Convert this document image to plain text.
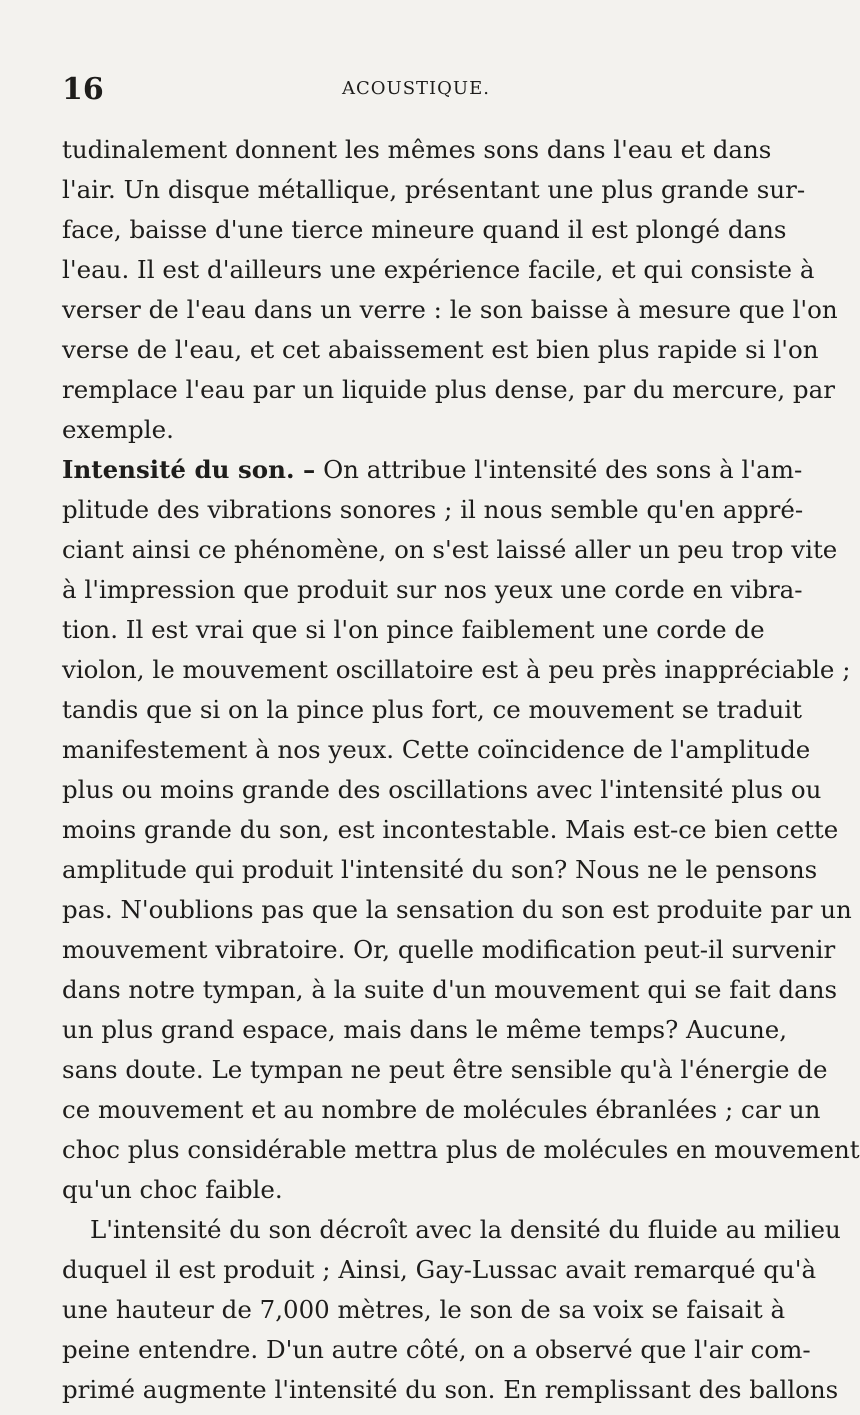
16	ACOUSTIQUE.
tudinalement donnent les mêmes sons dans l'eau et dans
l'air. Un disque métallique, présentant une plus grande sur-
face, baisse d'une tierce mineure quand il est plongé dans
l'eau. Il est d'ailleurs une expérience facile, et qui consiste à
verser de l'eau dans un verre : le son baisse à mesure que l'on
verse de l'eau, et cet abaissement est bien plus rapide si l'on
remplace l'eau par un liquide plus dense, par du mercure, par
exemple.
Intensité du son. – On attribue l'intensité des sons à l'am-
plitude des vibrations sonores ; il nous semble qu'en appré-
ciant ainsi ce phénomène, on s'est laissé aller un peu trop vite
à l'impression que produit sur nos yeux une corde en vibra-
tion. Il est vrai que si l'on pince faiblement une corde de
violon, le mouvement oscillatoire est à peu près inappréciable ;
tandis que si on la pince plus fort, ce mouvement se traduit
manifestement à nos yeux. Cette coïncidence de l'amplitude
plus ou moins grande des oscillations avec l'intensité plus ou
moins grande du son, est incontestable. Mais est-ce bien cette
amplitude qui produit l'intensité du son? Nous ne le pensons
pas. N'oublions pas que la sensation du son est produite par un
mouvement vibratoire. Or, quelle modification peut-il survenir
dans notre tympan, à la suite d'un mouvement qui se fait dans
un plus grand espace, mais dans le même temps? Aucune,
sans doute. Le tympan ne peut être sensible qu'à l'énergie de
ce mouvement et au nombre de molécules ébranlées ; car un
choc plus considérable mettra plus de molécules en mouvement
qu'un choc faible.
L'intensité du son décroît avec la densité du fluide au milieu
duquel il est produit ; Ainsi, Gay-Lussac avait remarqué qu'à
une hauteur de 7,000 mètres, le son de sa voix se faisait à
peine entendre. D'un autre côté, on a observé que l'air com-
primé augmente l'intensité du son. En remplissant des ballons
